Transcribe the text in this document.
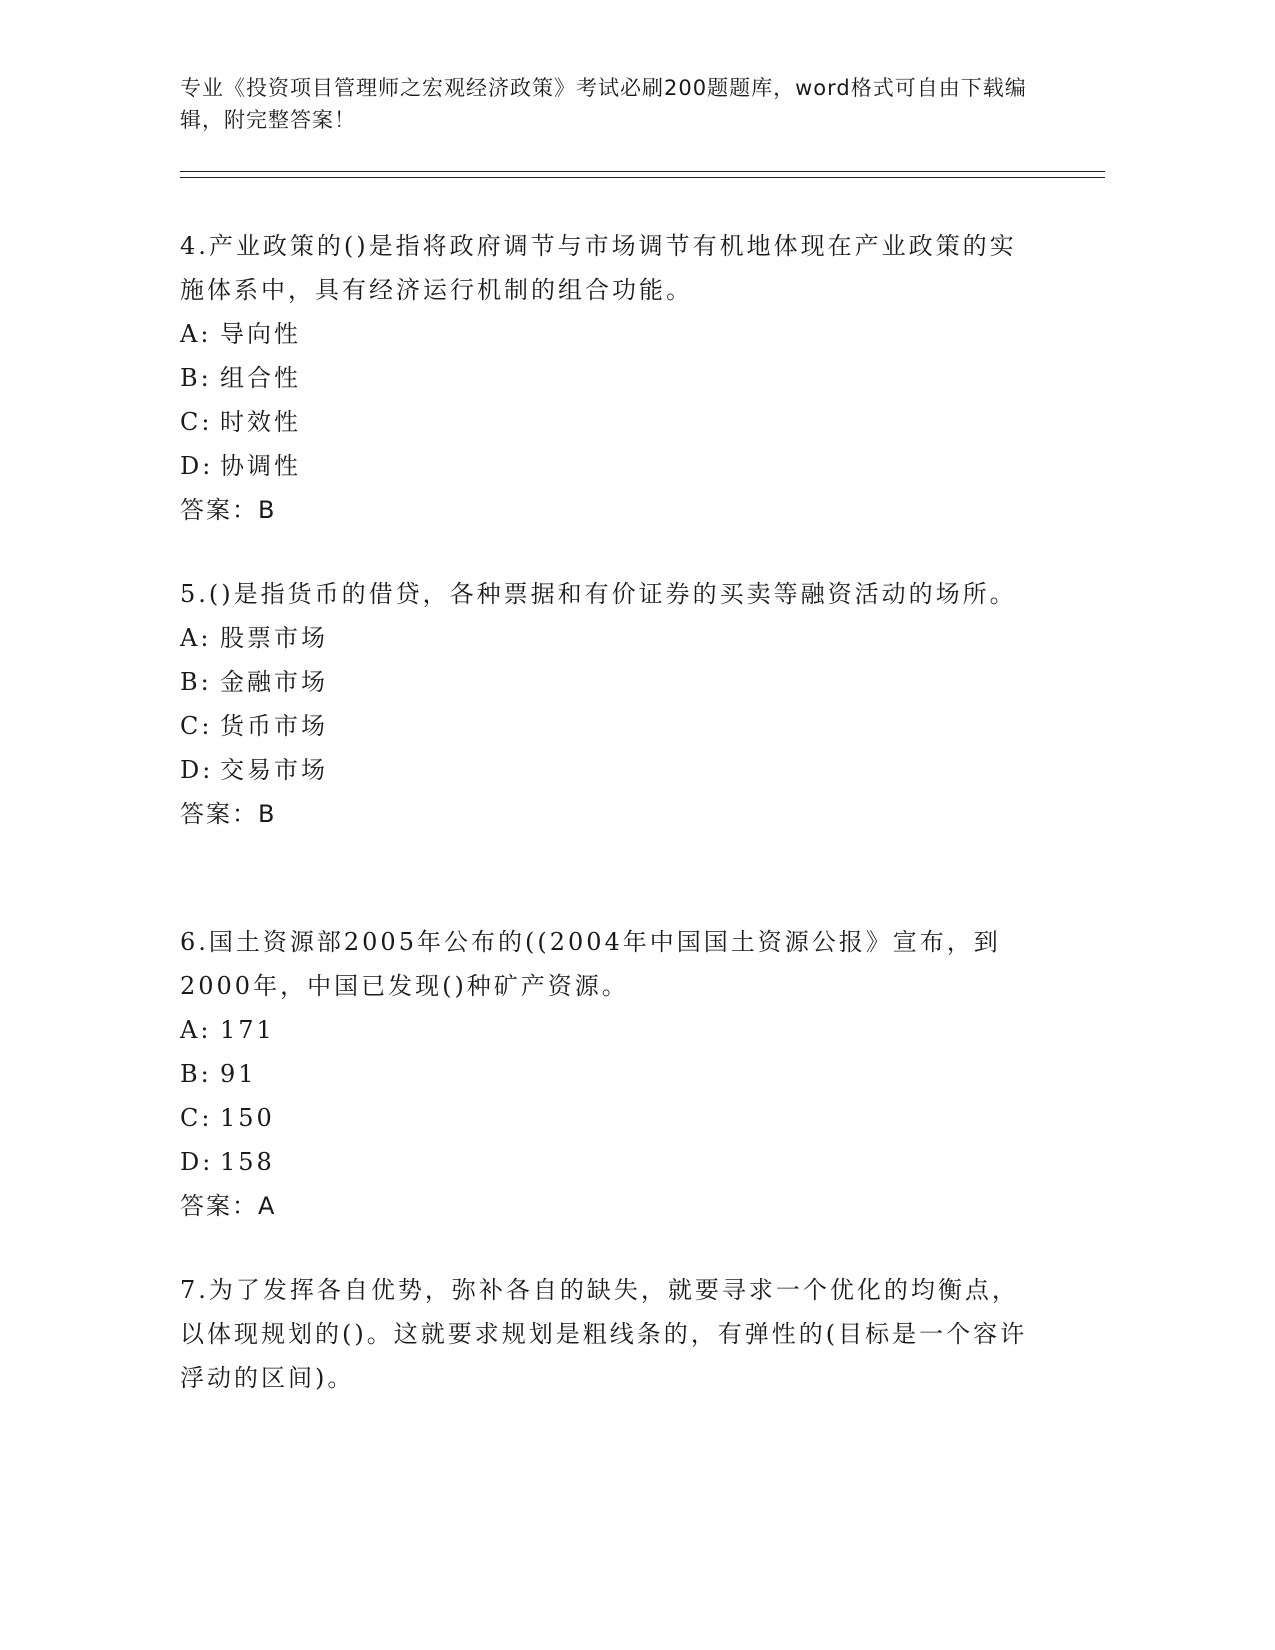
专业《投资项目管理师之宏观经济政策》考试必刷200题题库，word格式可自由下载编辑，附完整答案！

4.产业政策的()是指将政府调节与市场调节有机地体现在产业政策的实施体系中，具有经济运行机制的组合功能。

A: 导向性

B: 组合性

C: 时效性

D: 协调性

答案：B

5.()是指货币的借贷，各种票据和有价证券的买卖等融资活动的场所。

A: 股票市场

B: 金融市场

C: 货币市场

D: 交易市场

答案：B

6.国土资源部2005年公布的((2004年中国国土资源公报》宣布，到2000年，中国已发现()种矿产资源。

A: 171

B: 91

C: 150

D: 158

答案：A

7.为了发挥各自优势，弥补各自的缺失，就要寻求一个优化的均衡点，以体现规划的()。这就要求规划是粗线条的，有弹性的(目标是一个容许浮动的区间)。
